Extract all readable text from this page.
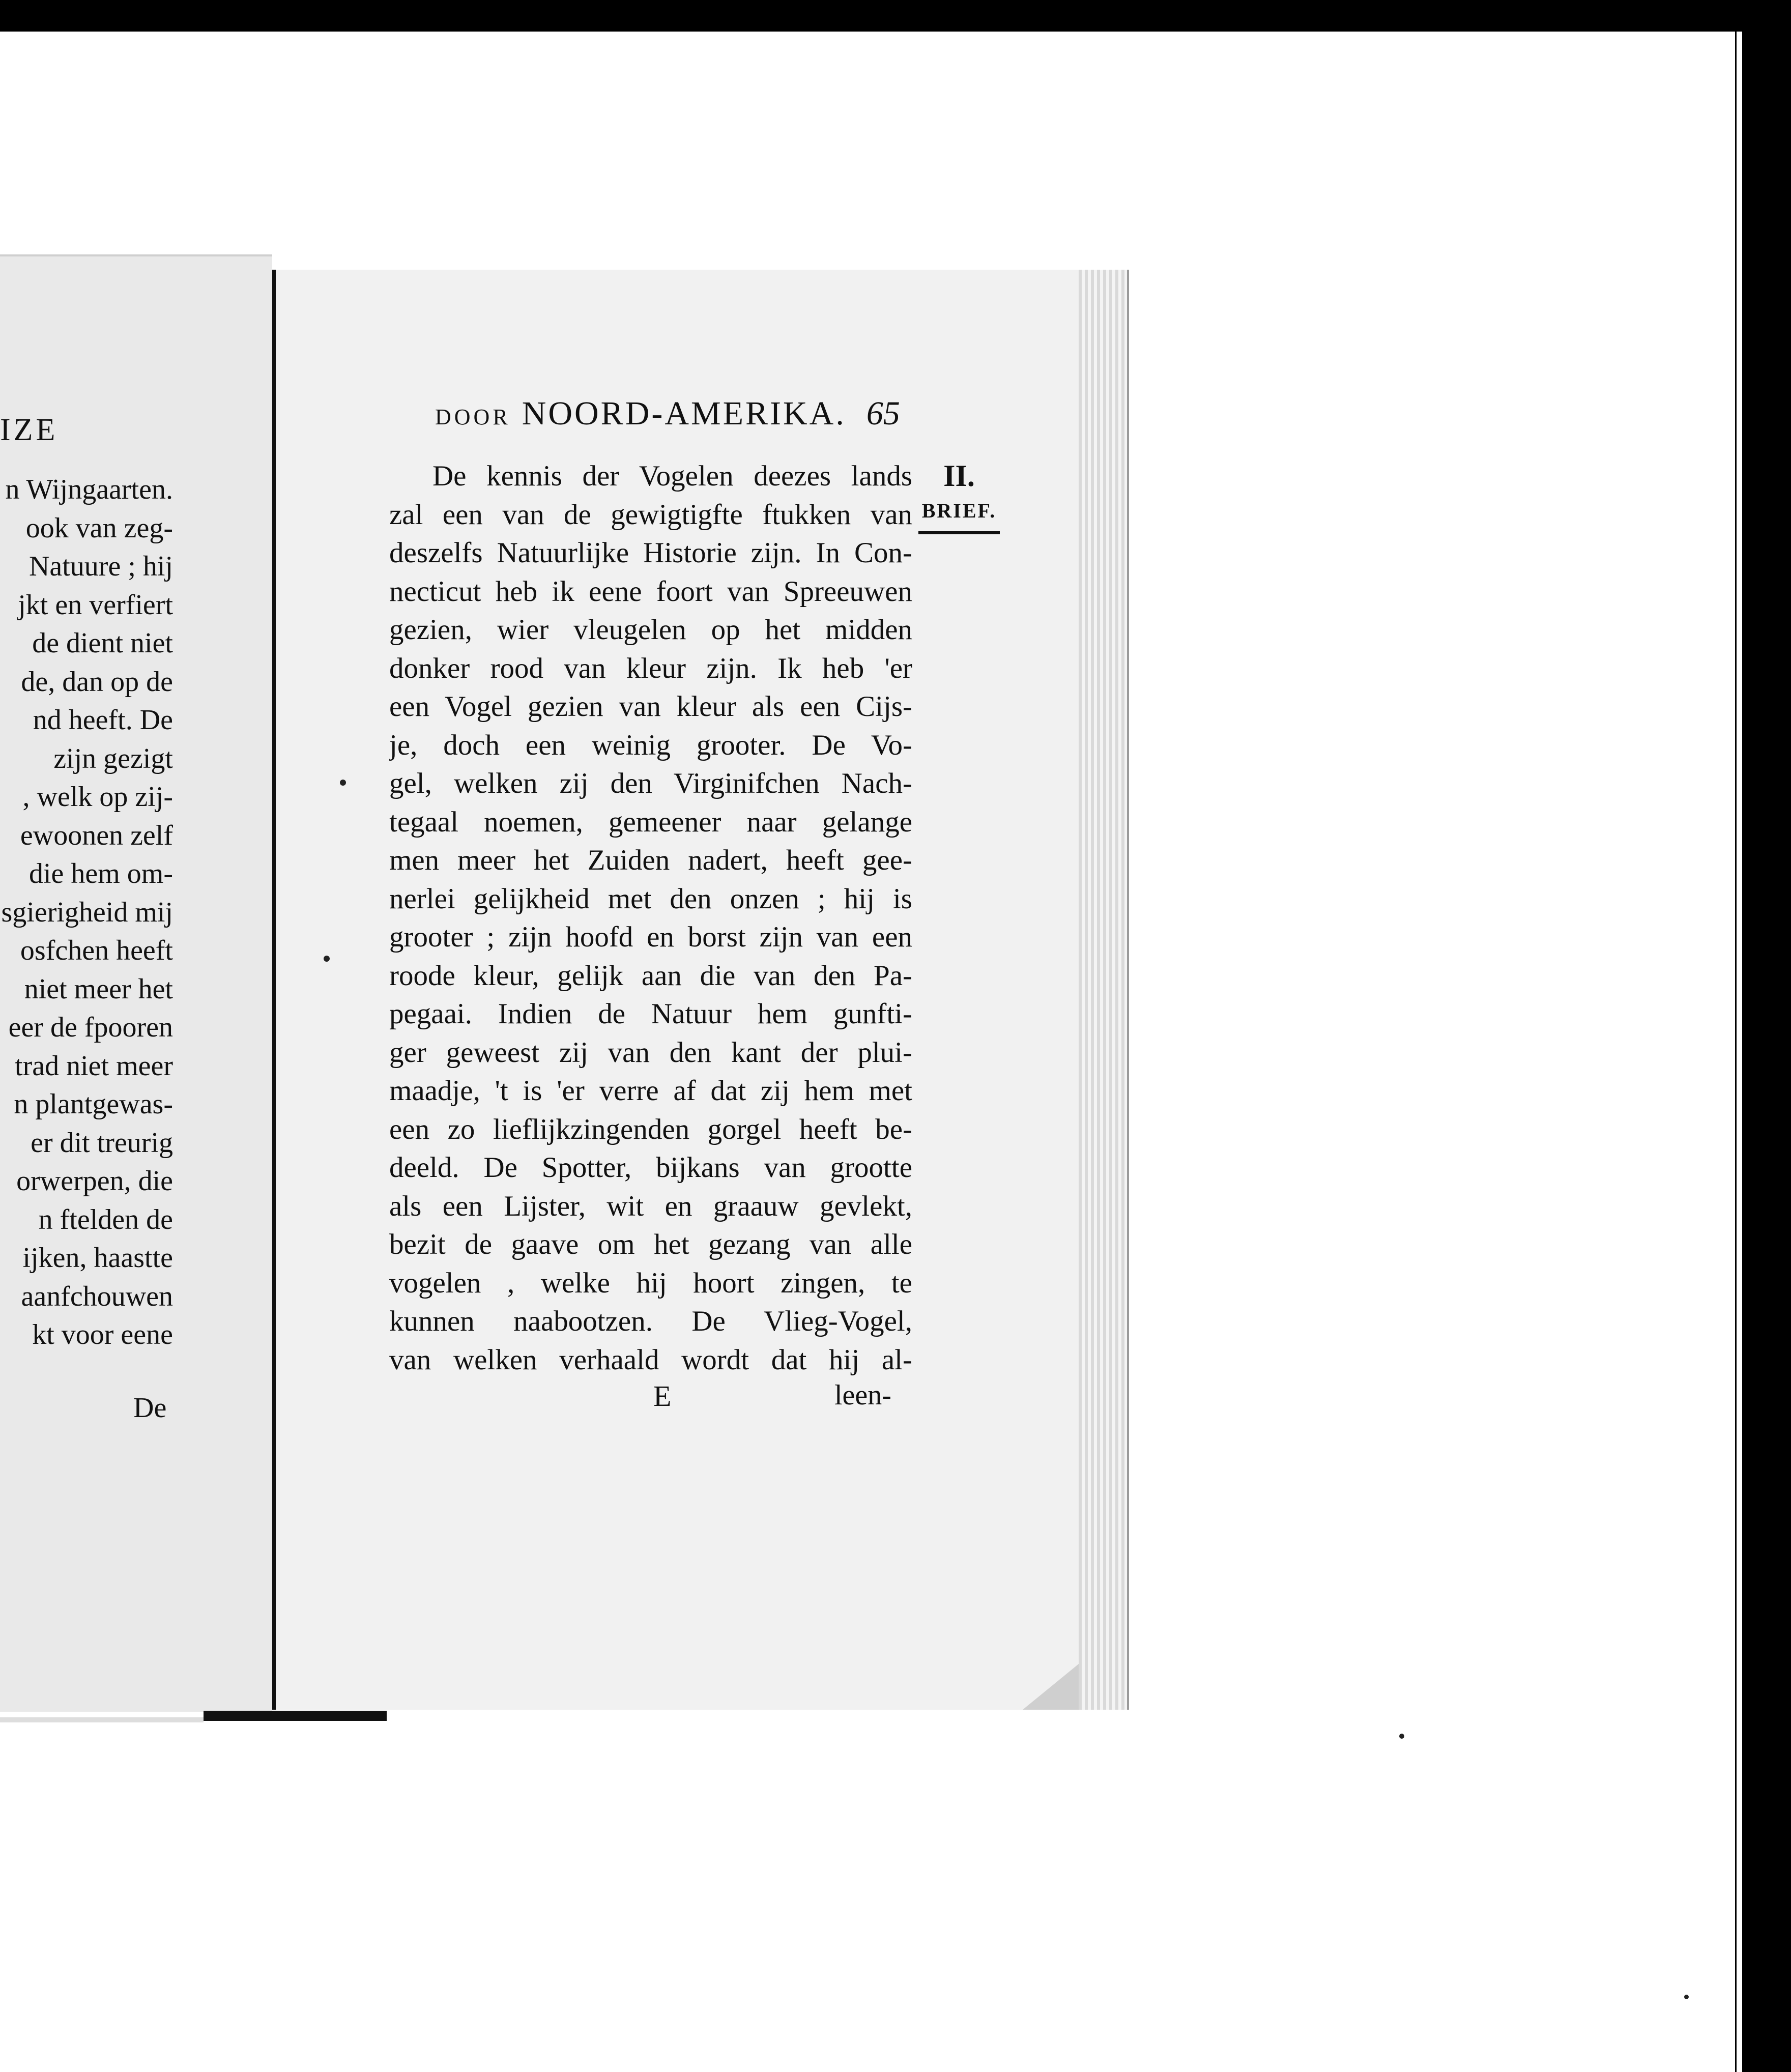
IZE
n Wijngaarten.
ook van zeg-
Natuure ; hij
jkt en verfiert
de dient niet
de, dan op de
nd heeft. De
zijn gezigt
, welk op zij-
ewoonen zelf
die hem om-
sgierigheid mij
osfchen heeft
niet meer het
eer de fpooren
trad niet meer
n plantgewas-
er dit treurig
orwerpen, die
n ftelden de
ijken, haastte
aanfchouwen
kt voor eene
De
DOOR NOORD-AMERIKA. 65
De kennis der Vogelen deezes lands
zal een van de gewigtigfte ftukken van
deszelfs Natuurlijke Historie zijn. In Con-
necticut heb ik eene foort van Spreeuwen
gezien, wier vleugelen op het midden
donker rood van kleur zijn. Ik heb 'er
een Vogel gezien van kleur als een Cijs-
je, doch een weinig grooter. De Vo-
gel, welken zij den Virginifchen Nach-
tegaal noemen, gemeener naar gelange
men meer het Zuiden nadert, heeft gee-
nerlei gelijkheid met den onzen ; hij is
grooter ; zijn hoofd en borst zijn van een
roode kleur, gelijk aan die van den Pa-
pegaai. Indien de Natuur hem gunfti-
ger geweest zij van den kant der plui-
maadje, 't is 'er verre af dat zij hem met
een zo lieflijkzingenden gorgel heeft be-
deeld. De Spotter, bijkans van grootte
als een Lijster, wit en graauw gevlekt,
bezit de gaave om het gezang van alle
vogelen , welke hij hoort zingen, te
kunnen naabootzen. De Vlieg-Vogel,
van welken verhaald wordt dat hij al-
II.
BRIEF.
E	leen-
